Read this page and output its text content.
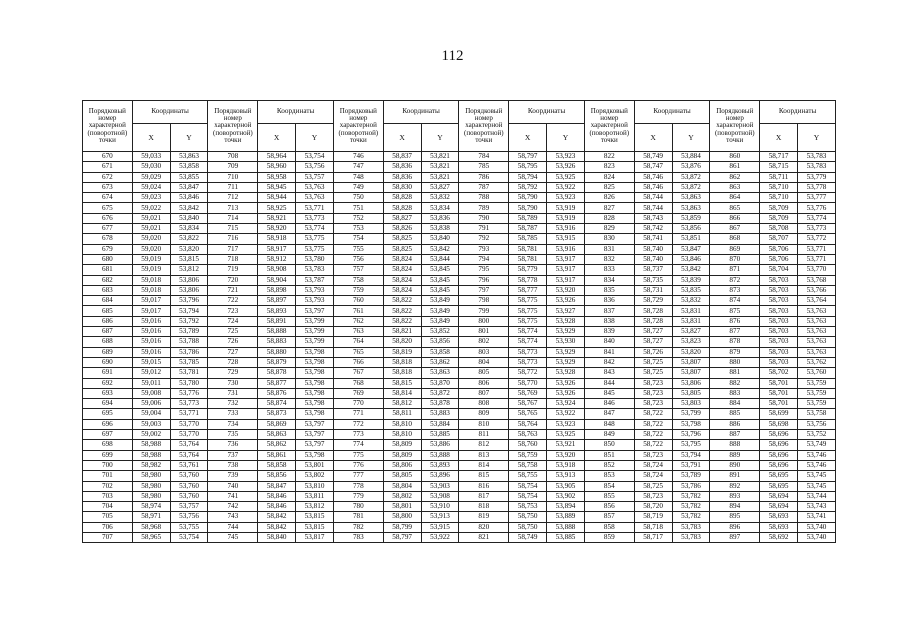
112
Порядковый номер характерной (поворотной) точки	Координаты		Порядковый номер характерной (поворотной) точки	Координаты		Порядковый номер характерной (поворотной) точки	Координаты		Порядковый номер характерной (поворотной) точки	Координаты		Порядковый номер характерной (поворотной) точки	Координаты		Порядковый номер характерной (поворотной) точки	Координаты	
	X	Y		X	Y		X	Y		X	Y		X	Y		X	Y
670	59,033	53,863	708	58,964	53,754	746	58,837	53,821	784	58,797	53,923	822	58,749	53,884	860	58,717	53,783
671	59,030	53,858	709	58,960	53,756	747	58,836	53,821	785	58,795	53,926	823	58,747	53,876	861	58,715	53,783
672	59,029	53,855	710	58,958	53,757	748	58,836	53,821	786	58,794	53,925	824	58,746	53,872	862	58,711	53,779
673	59,024	53,847	711	58,945	53,763	749	58,830	53,827	787	58,792	53,922	825	58,746	53,872	863	58,710	53,778
674	59,023	53,846	712	58,944	53,763	750	58,828	53,832	788	58,790	53,923	826	58,744	53,863	864	58,710	53,777
675	59,022	53,842	713	58,925	53,771	751	58,828	53,834	789	58,790	53,919	827	58,744	53,863	865	58,709	53,776
676	59,021	53,840	714	58,921	53,773	752	58,827	53,836	790	58,789	53,919	828	58,743	53,859	866	58,709	53,774
677	59,021	53,834	715	58,920	53,774	753	58,826	53,838	791	58,787	53,916	829	58,742	53,856	867	58,708	53,773
678	59,020	53,822	716	58,918	53,775	754	58,825	53,840	792	58,785	53,915	830	58,741	53,851	868	58,707	53,772
679	59,020	53,820	717	58,917	53,775	755	58,825	53,842	793	58,781	53,916	831	58,740	53,847	869	58,706	53,771
680	59,019	53,815	718	58,912	53,780	756	58,824	53,844	794	58,781	53,917	832	58,740	53,846	870	58,706	53,771
681	59,019	53,812	719	58,908	53,783	757	58,824	53,845	795	58,779	53,917	833	58,737	53,842	871	58,704	53,770
682	59,018	53,806	720	58,904	53,787	758	58,824	53,845	796	58,778	53,917	834	58,735	53,839	872	58,703	53,768
683	59,018	53,806	721	58,898	53,793	759	58,824	53,845	797	58,777	53,920	835	58,731	53,835	873	58,703	53,766
684	59,017	53,796	722	58,897	53,793	760	58,822	53,849	798	58,775	53,926	836	58,729	53,832	874	58,703	53,764
685	59,017	53,794	723	58,893	53,797	761	58,822	53,849	799	58,775	53,927	837	58,728	53,831	875	58,703	53,763
686	59,016	53,792	724	58,891	53,799	762	58,822	53,849	800	58,775	53,928	838	58,728	53,831	876	58,703	53,763
687	59,016	53,789	725	58,888	53,799	763	58,821	53,852	801	58,774	53,929	839	58,727	53,827	877	58,703	53,763
688	59,016	53,788	726	58,883	53,799	764	58,820	53,856	802	58,774	53,930	840	58,727	53,823	878	58,703	53,763
689	59,016	53,786	727	58,880	53,798	765	58,819	53,858	803	58,773	53,929	841	58,726	53,820	879	58,703	53,763
690	59,015	53,785	728	58,879	53,798	766	58,818	53,862	804	58,773	53,929	842	58,725	53,807	880	58,703	53,762
691	59,012	53,781	729	58,878	53,798	767	58,818	53,863	805	58,772	53,928	843	58,725	53,807	881	58,702	53,760
692	59,011	53,780	730	58,877	53,798	768	58,815	53,870	806	58,770	53,926	844	58,723	53,806	882	58,701	53,759
693	59,008	53,776	731	58,876	53,798	769	58,814	53,872	807	58,769	53,926	845	58,723	53,805	883	58,701	53,759
694	59,006	53,773	732	58,874	53,798	770	58,812	53,878	808	58,767	53,924	846	58,723	53,803	884	58,701	53,759
695	59,004	53,771	733	58,873	53,798	771	58,811	53,883	809	58,765	53,922	847	58,722	53,799	885	58,699	53,758
696	59,003	53,770	734	58,869	53,797	772	58,810	53,884	810	58,764	53,923	848	58,722	53,798	886	58,698	53,756
697	59,002	53,770	735	58,863	53,797	773	58,810	53,885	811	58,763	53,925	849	58,722	53,796	887	58,696	53,752
698	58,988	53,764	736	58,862	53,797	774	58,809	53,886	812	58,760	53,921	850	58,722	53,795	888	58,696	53,749
699	58,988	53,764	737	58,861	53,798	775	58,809	53,888	813	58,759	53,920	851	58,723	53,794	889	58,696	53,746
700	58,982	53,761	738	58,858	53,801	776	58,806	53,893	814	58,758	53,918	852	58,724	53,791	890	58,696	53,746
701	58,980	53,760	739	58,856	53,802	777	58,805	53,896	815	58,755	53,913	853	58,724	53,789	891	58,695	53,745
702	58,980	53,760	740	58,847	53,810	778	58,804	53,903	816	58,754	53,905	854	58,725	53,786	892	58,695	53,745
703	58,980	53,760	741	58,846	53,811	779	58,802	53,908	817	58,754	53,902	855	58,723	53,782	893	58,694	53,744
704	58,974	53,757	742	58,846	53,812	780	58,801	53,910	818	58,753	53,894	856	58,720	53,782	894	58,694	53,743
705	58,971	53,756	743	58,842	53,815	781	58,800	53,913	819	58,750	53,889	857	58,719	53,782	895	58,693	53,741
706	58,968	53,755	744	58,842	53,815	782	58,799	53,915	820	58,750	53,888	858	58,718	53,783	896	58,693	53,740
707	58,965	53,754	745	58,840	53,817	783	58,797	53,922	821	58,749	53,885	859	58,717	53,783	897	58,692	53,740
